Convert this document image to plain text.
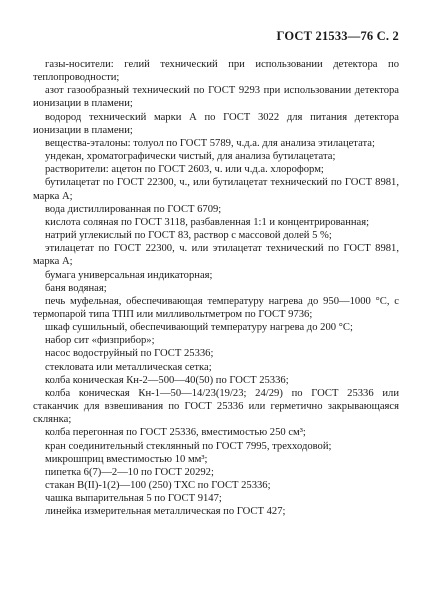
ГОСТ 21533—76 С. 2

газы-носители: гелий технический при использовании детектора по теплопроводности;

азот газообразный технический по ГОСТ 9293 при использовании детектора ионизации в пламени;

водород технический марки А по ГОСТ 3022 для питания детектора ионизации в пламени;

вещества-эталоны: толуол по ГОСТ 5789, ч.д.а. для анализа этилацетата;

ундекан, хроматографически чистый, для анализа бутилацетата;

растворители: ацетон по ГОСТ 2603, ч. или ч.д.а. хлороформ;

бутилацетат по ГОСТ 22300, ч., или бутилацетат технический по ГОСТ 8981, марка А;

вода дистиллированная по ГОСТ 6709;

кислота соляная по ГОСТ 3118, разбавленная 1:1 и концентрированная;

натрий углекислый по ГОСТ 83, раствор с массовой долей 5 %;

этилацетат по ГОСТ 22300, ч. или этилацетат технический по ГОСТ 8981, марка А;

бумага универсальная индикаторная;

баня водяная;

печь муфельная, обеспечивающая температуру нагрева до 950—1000 °С, с термопарой типа ТПП или милливольтметром по ГОСТ 9736;

шкаф сушильный, обеспечивающий температуру нагрева до 200 °С;

набор сит «физприбор»;

насос водоструйный по ГОСТ 25336;

стекловата или металлическая сетка;

колба коническая Кн-2—500—40(50) по ГОСТ 25336;

колба коническая Кн-1—50—14/23(19/23; 24/29) по ГОСТ 25336 или стаканчик для взвешивания по ГОСТ 25336 или герметично закрывающаяся склянка;

колба перегонная по ГОСТ 25336, вместимостью 250 см³;

кран соединительный стеклянный по ГОСТ 7995, трехходовой;

микрошприц вместимостью 10 мм³;

пипетка 6(7)—2—10 по ГОСТ 20292;

стакан В(II)-1(2)—100 (250) ТХС по ГОСТ 25336;

чашка выпарительная 5 по ГОСТ 9147;

линейка измерительная металлическая по ГОСТ 427;
